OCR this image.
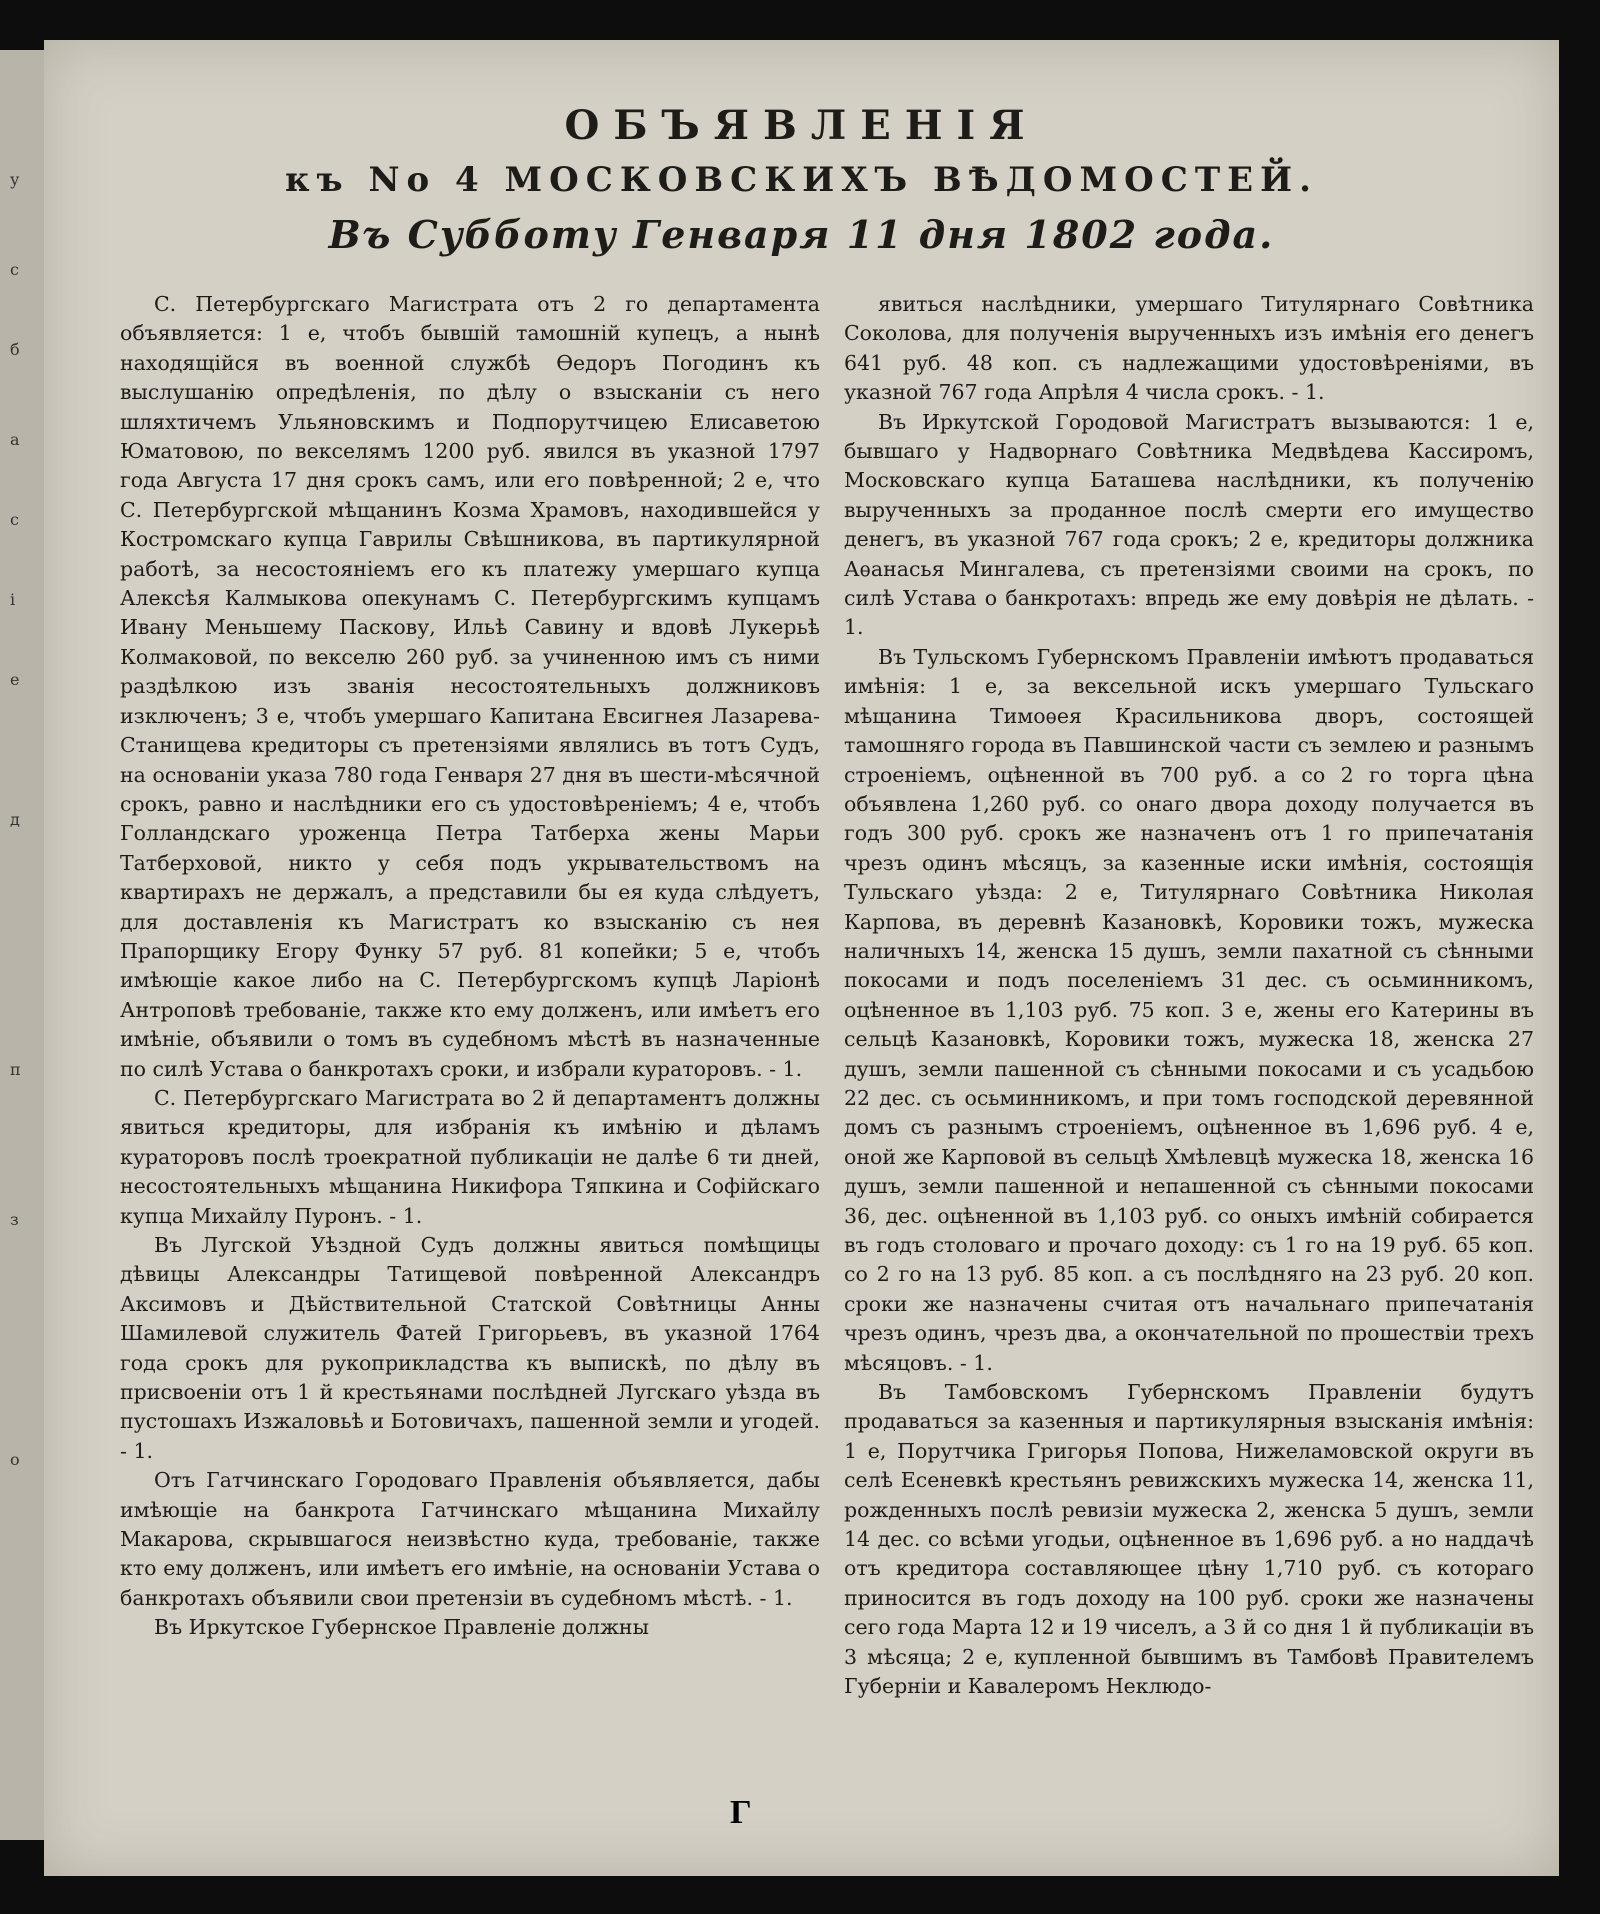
у
с
б
а
с
і
е
д
п
з
о
ОБЪЯВЛЕНІЯ
къ No 4 МОСКОВСКИХЪ ВѢДОМОСТЕЙ.
Въ Субботу Генваря 11 дня 1802 года.

С. Петербургскаго Магистрата отъ 2 го департамента объявляется: 1 е, чтобъ бывшій тамошній купецъ, а нынѣ находящійся въ военной службѣ Ѳедоръ Погодинъ къ выслушанію опредѣленія, по дѣлу о взысканіи съ него шляхтичемъ Ульяновскимъ и Подпорутчицею Елисаветою Юматовою, по векселямъ 1200 руб. явился въ указной 1797 года Августа 17 дня срокъ самъ, или его повѣренной; 2 е, что С. Петербургской мѣщанинъ Козма Храмовъ, находившейся у Костромскаго купца Гаврилы Свѣшникова, въ партикулярной работѣ, за несостояніемъ его къ платежу умершаго купца Алексѣя Калмыкова опекунамъ С. Петербургскимъ купцамъ Ивану Меньшему Паскову, Ильѣ Савину и вдовѣ Лукерьѣ Колмаковой, по векселю 260 руб. за учиненною имъ съ ними раздѣлкою изъ званія несостоятельныхъ должниковъ изключенъ; 3 е, чтобъ умершаго Капитана Евсигнея Лазарева-Станищева кредиторы съ претензіями являлись въ тотъ Судъ, на основаніи указа 780 года Генваря 27 дня въ шести-мѣсячной срокъ, равно и наслѣдники его съ удостовѣреніемъ; 4 е, чтобъ Голландскаго уроженца Петра Татберха жены Марьи Татберховой, никто у себя подъ укрывательствомъ на квартирахъ не держалъ, а представили бы ея куда слѣдуетъ, для доставленія къ Магистратъ ко взысканію съ нея Прапорщику Егору Функу 57 руб. 81 копейки; 5 е, чтобъ имѣющіе какое либо на С. Петербургскомъ купцѣ Ларіонѣ Антроповѣ требованіе, также кто ему долженъ, или имѣетъ его имѣніе, объявили о томъ въ судебномъ мѣстѣ въ назначенные по силѣ Устава о банкротахъ сроки, и избрали кураторовъ. - 1.

С. Петербургскаго Магистрата во 2 й департаментъ должны явиться кредиторы, для избранія къ имѣнію и дѣламъ кураторовъ послѣ троекратной публикаціи не далѣе 6 ти дней, несостоятельныхъ мѣщанина Никифора Тяпкина и Софійскаго купца Михайлу Пуронъ. - 1.

Въ Лугской Уѣздной Судъ должны явиться помѣщицы дѣвицы Александры Татищевой повѣренной Александръ Аксимовъ и Дѣйствительной Статской Совѣтницы Анны Шамилевой служитель Фатей Григорьевъ, въ указной 1764 года срокъ для рукоприкладства къ выпискѣ, по дѣлу въ присвоеніи отъ 1 й крестьянами послѣдней Лугскаго уѣзда въ пустошахъ Изжаловьѣ и Ботовичахъ, пашенной земли и угодей. - 1.

Отъ Гатчинскаго Городоваго Правленія объявляется, дабы имѣющіе на банкрота Гатчинскаго мѣщанина Михайлу Макарова, скрывшагося неизвѣстно куда, требованіе, также кто ему долженъ, или имѣетъ его имѣніе, на основаніи Устава о банкротахъ объявили свои претензіи въ судебномъ мѣстѣ. - 1.

Въ Иркутское Губернское Правленіе должны

явиться наслѣдники, умершаго Титулярнаго Совѣтника Соколова, для полученія вырученныхъ изъ имѣнія его денегъ 641 руб. 48 коп. съ надлежащими удостовѣреніями, въ указной 767 года Апрѣля 4 числа срокъ. - 1.

Въ Иркутской Городовой Магистратъ вызываются: 1 е, бывшаго у Надворнаго Совѣтника Медвѣдева Кассиромъ, Московскаго купца Баташева наслѣдники, къ полученію вырученныхъ за проданное послѣ смерти его имущество денегъ, въ указной 767 года срокъ; 2 е, кредиторы должника Аѳанасья Мингалева, съ претензіями своими на срокъ, по силѣ Устава о банкротахъ: впредь же ему довѣрія не дѣлать. - 1.

Въ Тульскомъ Губернскомъ Правленіи имѣютъ продаваться имѣнія: 1 е, за вексельной искъ умершаго Тульскаго мѣщанина Тимоѳея Красильникова дворъ, состоящей тамошняго города въ Павшинской части съ землею и разнымъ строеніемъ, оцѣненной въ 700 руб. а со 2 го торга цѣна объявлена 1,260 руб. со онаго двора доходу получается въ годъ 300 руб. срокъ же назначенъ отъ 1 го припечатанія чрезъ одинъ мѣсяцъ, за казенные иски имѣнія, состоящія Тульскаго уѣзда: 2 е, Титулярнаго Совѣтника Николая Карпова, въ деревнѣ Казановкѣ, Коровики тожъ, мужеска наличныхъ 14, женска 15 душъ, земли пахатной съ сѣнными покосами и подъ поселеніемъ 31 дес. съ осьминникомъ, оцѣненное въ 1,103 руб. 75 коп. 3 е, жены его Катерины въ сельцѣ Казановкѣ, Коровики тожъ, мужеска 18, женска 27 душъ, земли пашенной съ сѣнными покосами и съ усадьбою 22 дес. съ осьминникомъ, и при томъ господской деревянной домъ съ разнымъ строеніемъ, оцѣненное въ 1,696 руб. 4 е, оной же Карповой въ сельцѣ Хмѣлевцѣ мужеска 18, женска 16 душъ, земли пашенной и непашенной съ сѣнными покосами 36, дес. оцѣненной въ 1,103 руб. со оныхъ имѣній собирается въ годъ столоваго и прочаго доходу: съ 1 го на 19 руб. 65 коп. со 2 го на 13 руб. 85 коп. а съ послѣдняго на 23 руб. 20 коп. сроки же назначены считая отъ начальнаго припечатанія чрезъ одинъ, чрезъ два, а окончательной по прошествіи трехъ мѣсяцовъ. - 1.

Въ Тамбовскомъ Губернскомъ Правленіи будутъ продаваться за казенныя и партикулярныя взысканія имѣнія: 1 е, Порутчика Григорья Попова, Нижеламовской округи въ селѣ Есеневкѣ крестьянъ ревижскихъ мужеска 14, женска 11, рожденныхъ послѣ ревизіи мужеска 2, женска 5 душъ, земли 14 дес. со всѣми угодьи, оцѣненное въ 1,696 руб. а но наддачѣ отъ кредитора составляющее цѣну 1,710 руб. съ котораго приносится въ годъ доходу на 100 руб. сроки же назначены сего года Марта 12 и 19 чиселъ, а 3 й со дня 1 й публикаціи въ 3 мѣсяца; 2 е, купленной бывшимъ въ Тамбовѣ Правителемъ Губерніи и Кавалеромъ Неклюдо-

Г
